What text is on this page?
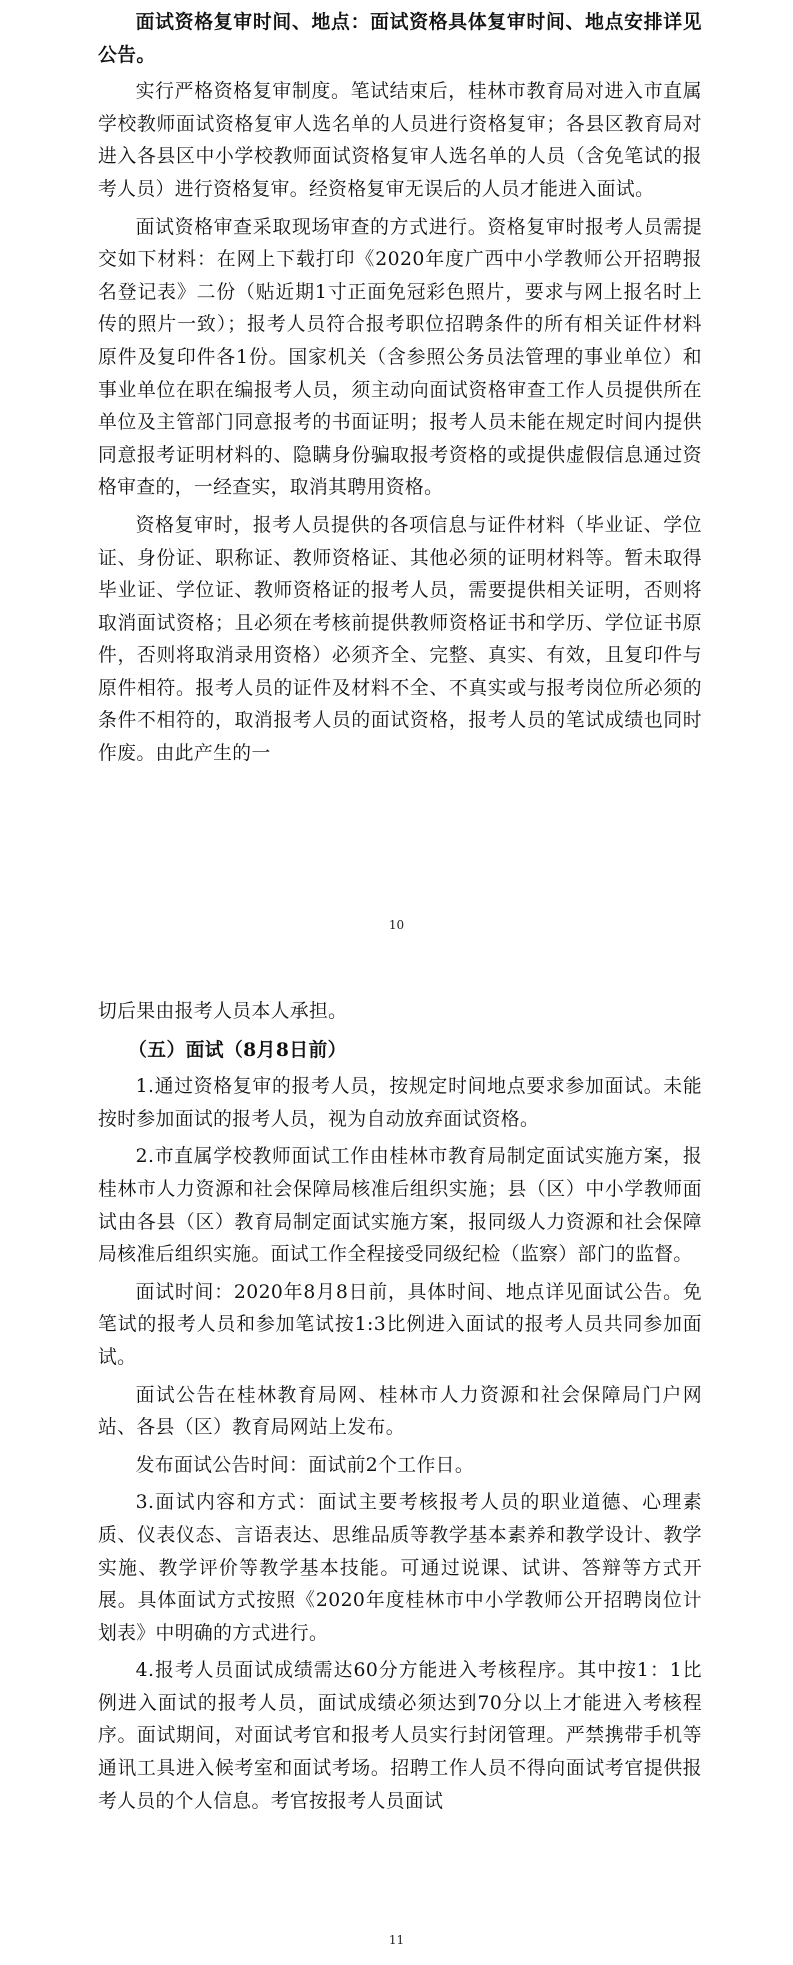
面试资格复审时间、地点：面试资格具体复审时间、地点安排详见公告。

实行严格资格复审制度。笔试结束后，桂林市教育局对进入市直属学校教师面试资格复审人选名单的人员进行资格复审；各县区教育局对进入各县区中小学校教师面试资格复审人选名单的人员（含免笔试的报考人员）进行资格复审。经资格复审无误后的人员才能进入面试。

面试资格审查采取现场审查的方式进行。资格复审时报考人员需提交如下材料：在网上下载打印《2020年度广西中小学教师公开招聘报名登记表》二份（贴近期1寸正面免冠彩色照片，要求与网上报名时上传的照片一致）；报考人员符合报考职位招聘条件的所有相关证件材料原件及复印件各1份。国家机关（含参照公务员法管理的事业单位）和事业单位在职在编报考人员，须主动向面试资格审查工作人员提供所在单位及主管部门同意报考的书面证明；报考人员未能在规定时间内提供同意报考证明材料的、隐瞒身份骗取报考资格的或提供虚假信息通过资格审查的，一经查实，取消其聘用资格。

资格复审时，报考人员提供的各项信息与证件材料（毕业证、学位证、身份证、职称证、教师资格证、其他必须的证明材料等。暂未取得毕业证、学位证、教师资格证的报考人员，需要提供相关证明，否则将取消面试资格；且必须在考核前提供教师资格证书和学历、学位证书原件，否则将取消录用资格）必须齐全、完整、真实、有效，且复印件与原件相符。报考人员的证件及材料不全、不真实或与报考岗位所必须的条件不相符的，取消报考人员的面试资格，报考人员的笔试成绩也同时作废。由此产生的一

10

切后果由报考人员本人承担。

（五）面试（8月8日前）

1.通过资格复审的报考人员，按规定时间地点要求参加面试。未能按时参加面试的报考人员，视为自动放弃面试资格。

2.市直属学校教师面试工作由桂林市教育局制定面试实施方案，报桂林市人力资源和社会保障局核准后组织实施；县（区）中小学教师面试由各县（区）教育局制定面试实施方案，报同级人力资源和社会保障局核准后组织实施。面试工作全程接受同级纪检（监察）部门的监督。

面试时间：2020年8月8日前，具体时间、地点详见面试公告。免笔试的报考人员和参加笔试按1:3比例进入面试的报考人员共同参加面试。

面试公告在桂林教育局网、桂林市人力资源和社会保障局门户网站、各县（区）教育局网站上发布。

发布面试公告时间：面试前2个工作日。

3.面试内容和方式：面试主要考核报考人员的职业道德、心理素质、仪表仪态、言语表达、思维品质等教学基本素养和教学设计、教学实施、教学评价等教学基本技能。可通过说课、试讲、答辩等方式开展。具体面试方式按照《2020年度桂林市中小学教师公开招聘岗位计划表》中明确的方式进行。

4.报考人员面试成绩需达60分方能进入考核程序。其中按1：1比例进入面试的报考人员，面试成绩必须达到70分以上才能进入考核程序。面试期间，对面试考官和报考人员实行封闭管理。严禁携带手机等通讯工具进入候考室和面试考场。招聘工作人员不得向面试考官提供报考人员的个人信息。考官按报考人员面试

11
